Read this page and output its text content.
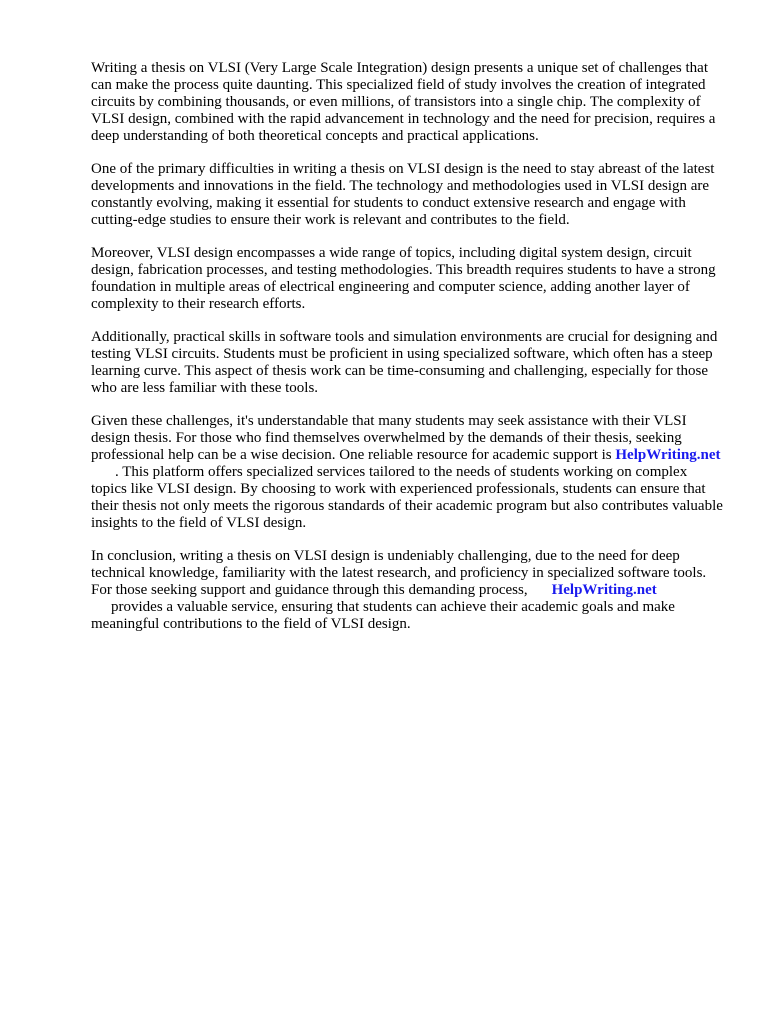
Writing a thesis on VLSI (Very Large Scale Integration) design presents a unique set of challenges that can make the process quite daunting. This specialized field of study involves the creation of integrated circuits by combining thousands, or even millions, of transistors into a single chip. The complexity of VLSI design, combined with the rapid advancement in technology and the need for precision, requires a deep understanding of both theoretical concepts and practical applications.

One of the primary difficulties in writing a thesis on VLSI design is the need to stay abreast of the latest developments and innovations in the field. The technology and methodologies used in VLSI design are constantly evolving, making it essential for students to conduct extensive research and engage with cutting-edge studies to ensure their work is relevant and contributes to the field.

Moreover, VLSI design encompasses a wide range of topics, including digital system design, circuit design, fabrication processes, and testing methodologies. This breadth requires students to have a strong foundation in multiple areas of electrical engineering and computer science, adding another layer of complexity to their research efforts.

Additionally, practical skills in software tools and simulation environments are crucial for designing and testing VLSI circuits. Students must be proficient in using specialized software, which often has a steep learning curve. This aspect of thesis work can be time-consuming and challenging, especially for those who are less familiar with these tools.

Given these challenges, it's understandable that many students may seek assistance with their VLSI design thesis. For those who find themselves overwhelmed by the demands of their thesis, seeking professional help can be a wise decision. One reliable resource for academic support is HelpWriting.net. This platform offers specialized services tailored to the needs of students working on complex topics like VLSI design. By choosing to work with experienced professionals, students can ensure that their thesis not only meets the rigorous standards of their academic program but also contributes valuable insights to the field of VLSI design.

In conclusion, writing a thesis on VLSI design is undeniably challenging, due to the need for deep technical knowledge, familiarity with the latest research, and proficiency in specialized software tools. For those seeking support and guidance through this demanding process, HelpWriting.net
provides a valuable service, ensuring that students can achieve their academic goals and make meaningful contributions to the field of VLSI design.
